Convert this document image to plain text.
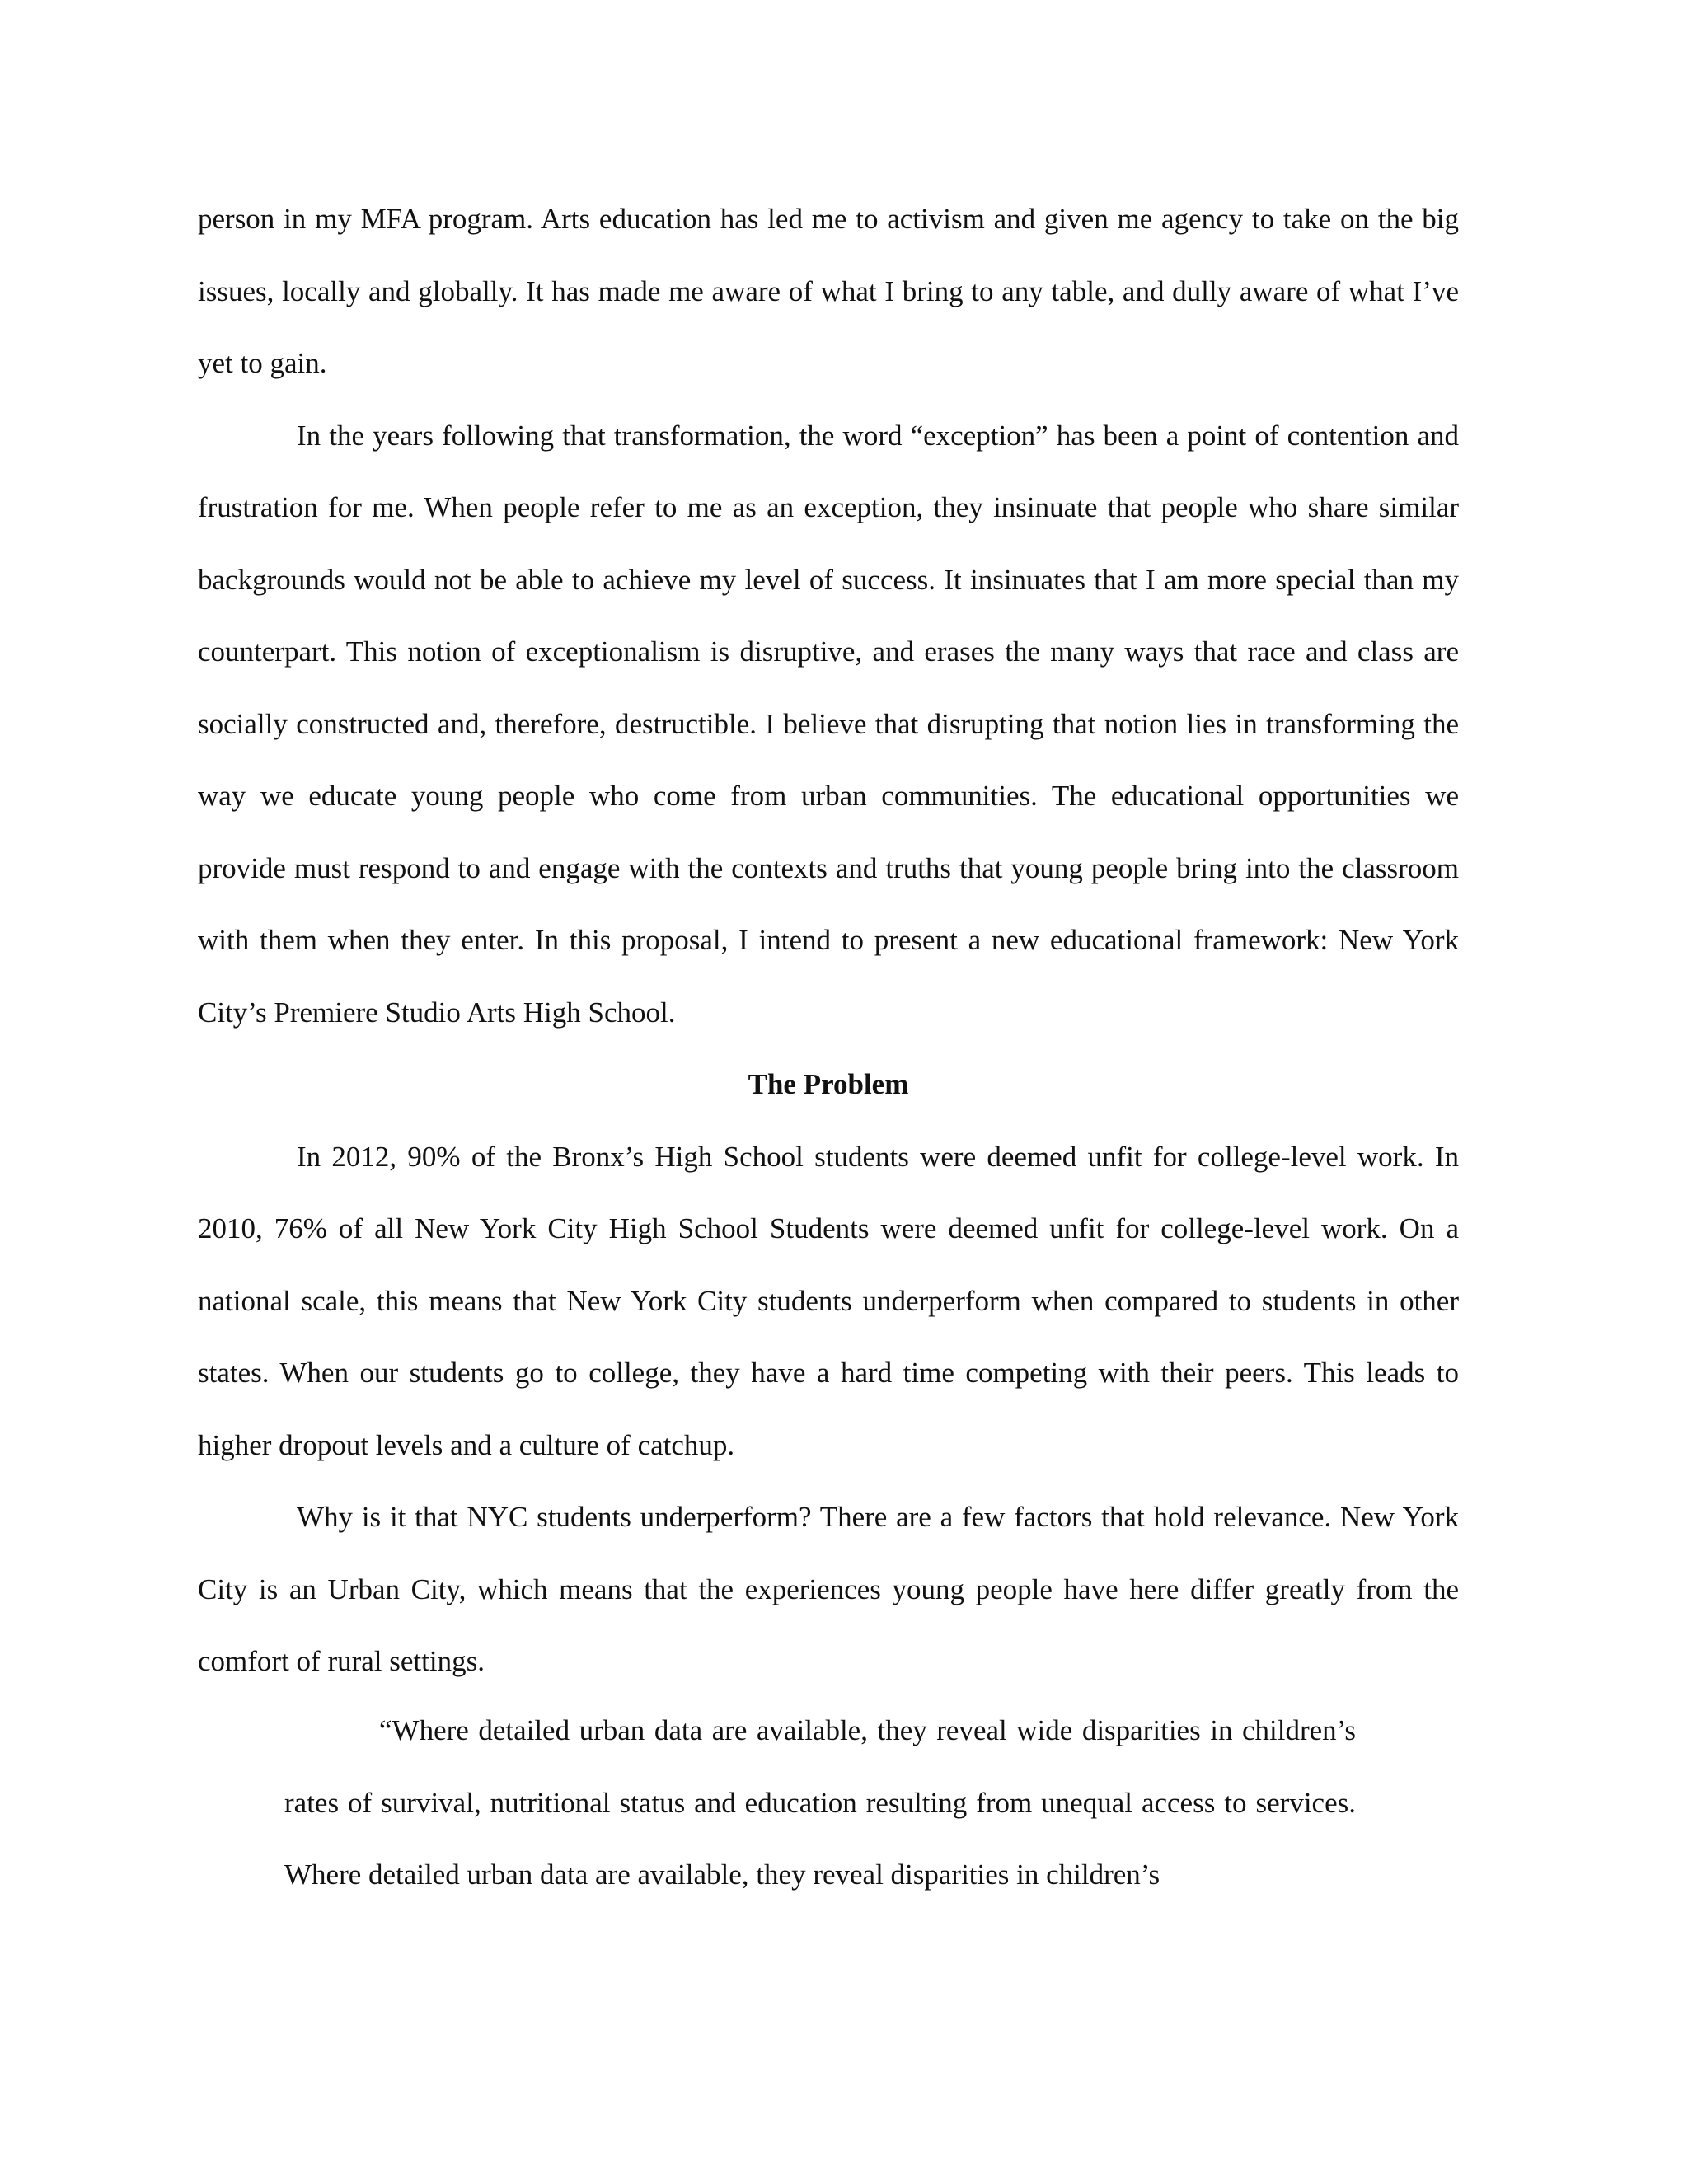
person in my MFA program. Arts education has led me to activism and given me agency to take on the big issues, locally and globally. It has made me aware of what I bring to any table, and dully aware of what I’ve yet to gain.

In the years following that transformation, the word “exception” has been a point of contention and frustration for me. When people refer to me as an exception, they insinuate that people who share similar backgrounds would not be able to achieve my level of success. It insinuates that I am more special than my counterpart. This notion of exceptionalism is disruptive, and erases the many ways that race and class are socially constructed and, therefore, destructible. I believe that disrupting that notion lies in transforming the way we educate young people who come from urban communities. The educational opportunities we provide must respond to and engage with the contexts and truths that young people bring into the classroom with them when they enter. In this proposal, I intend to present a new educational framework: New York City’s Premiere Studio Arts High School.

The Problem

In 2012, 90% of the Bronx’s High School students were deemed unfit for college-level work. In 2010, 76% of all New York City High School Students were deemed unfit for college-level work. On a national scale, this means that New York City students underperform when compared to students in other states. When our students go to college, they have a hard time competing with their peers. This leads to higher dropout levels and a culture of catchup.

Why is it that NYC students underperform? There are a few factors that hold relevance. New York City is an Urban City, which means that the experiences young people have here differ greatly from the comfort of rural settings.

“Where detailed urban data are available, they reveal wide disparities in children’s rates of survival, nutritional status and education resulting from unequal access to services. Where detailed urban data are available, they reveal disparities in children’s
